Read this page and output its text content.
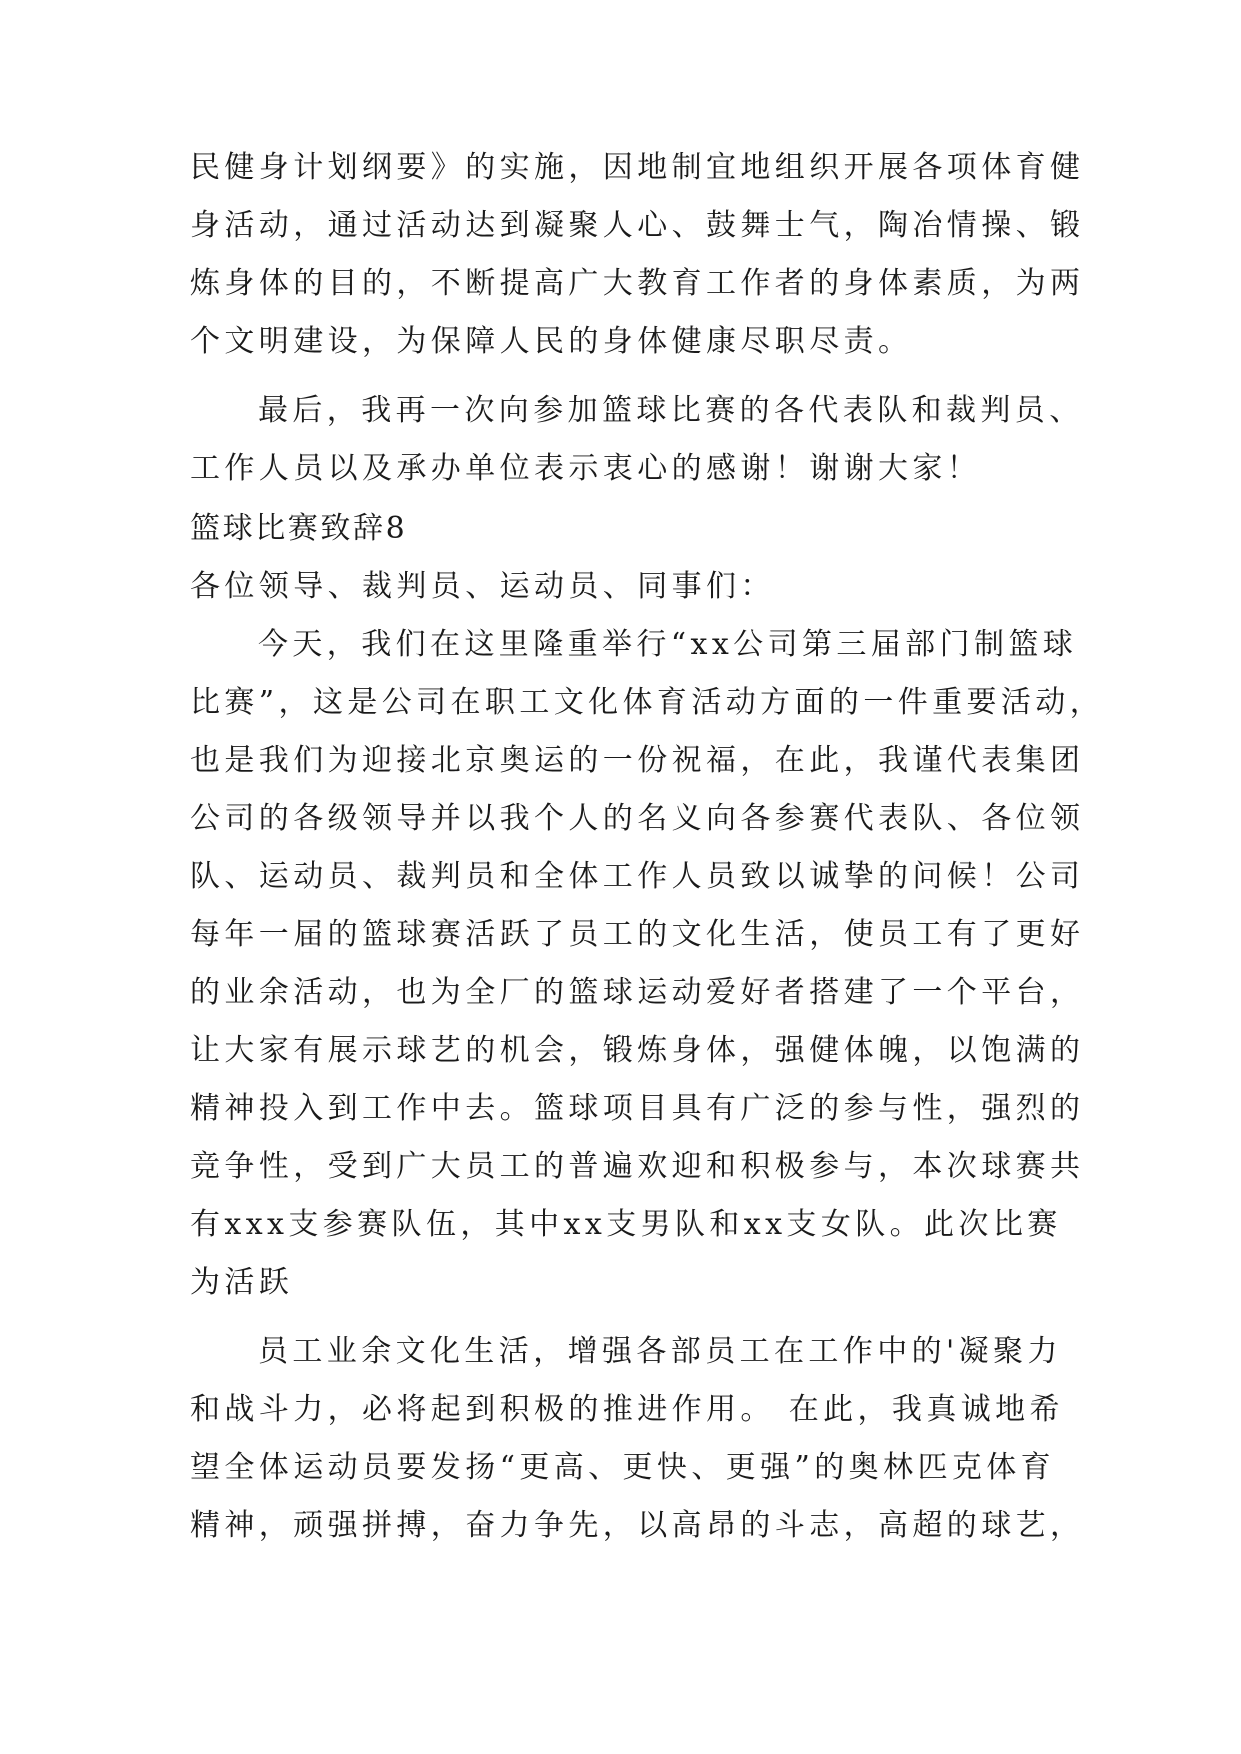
民健身计划纲要》的实施，因地制宜地组织开展各项体育健

身活动，通过活动达到凝聚人心、鼓舞士气，陶冶情操、锻

炼身体的目的，不断提高广大教育工作者的身体素质，为两

个文明建设，为保障人民的身体健康尽职尽责。

最后，我再一次向参加篮球比赛的各代表队和裁判员、

工作人员以及承办单位表示衷心的感谢！谢谢大家！

篮球比赛致辞8

各位领导、裁判员、运动员、同事们：

今天，我们在这里隆重举行“xx公司第三届部门制篮球

比赛”，这是公司在职工文化体育活动方面的一件重要活动，

也是我们为迎接北京奥运的一份祝福，在此，我谨代表集团

公司的各级领导并以我个人的名义向各参赛代表队、各位领

队、运动员、裁判员和全体工作人员致以诚挚的问候！公司

每年一届的篮球赛活跃了员工的文化生活，使员工有了更好

的业余活动，也为全厂的篮球运动爱好者搭建了一个平台，

让大家有展示球艺的机会，锻炼身体，强健体魄，以饱满的

精神投入到工作中去。篮球项目具有广泛的参与性，强烈的

竞争性，受到广大员工的普遍欢迎和积极参与，本次球赛共

有xxx支参赛队伍，其中xx支男队和xx支女队。此次比赛

为活跃

员工业余文化生活，增强各部员工在工作中的'凝聚力

和战斗力，必将起到积极的推进作用。 在此，我真诚地希

望全体运动员要发扬“更高、更快、更强”的奥林匹克体育

精神，顽强拼搏，奋力争先，以高昂的斗志，高超的球艺，
